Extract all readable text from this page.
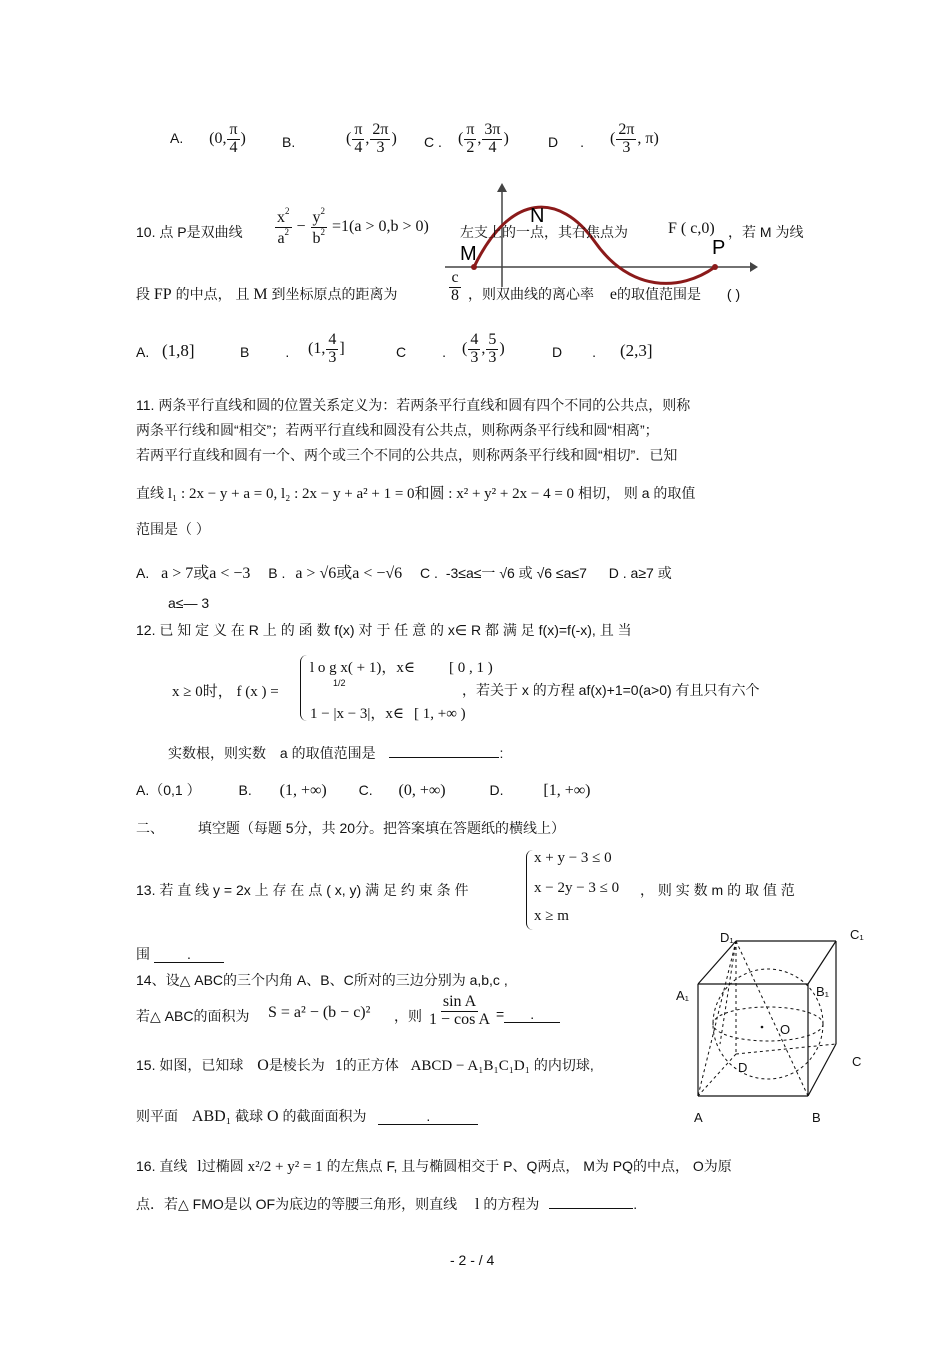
A. (0, $\frac{\pi}{4}$ )	B.	( $\frac{\pi}{4}$ , $\frac{2\pi}{3}$ ) C . ( $\frac{\pi}{2}$ , $\frac{3\pi}{4}$ )	D . ( $\frac{2\pi}{3}$ , π)
N
M	P
10. 点 P是双曲线 $\frac{x^2}{a^2} - \frac{y^2}{b^2} =1(a > 0,b > 0)$ 左支上的一点，其右焦点为	F ( c,0) ，若 M 为线
段 FP 的中点， 且 M 到坐标原点的距离为	$\frac{c}{8}$ ，则双曲线的离心率 e的取值范围是 ( )
A. (1,8]	B	. (1, $\frac{4}{3}$ ]	C	. ( $\frac{4}{3}$ , $\frac{5}{3}$ )	D . (2,3]
11. 两条平行直线和圆的位置关系定义为：若两条平行直线和圆有四个不同的公共点，则称
两条平行线和圆“相交”；若两平行直线和圆没有公共点，则称两条平行线和圆“相离”；
若两平行直线和圆有一个、两个或三个不同的公共点，则称两条平行线和圆“相切”．已知
直线 l₁ : 2x − y + a = 0, l₂ : 2x − y + a² + 1 = 0和圆 : x² + y² + 2x − 4 = 0 相切， 则 a 的取值
范围是（ ）
A. a > 7或a < −3 B . a > √6或a < −√6 C . -3≤a≤一 √6 或 √6 ≤a≤7 D . a≥7 或
a≤— 3
12. 已 知 定 义 在 R 上 的 函 数 f(x) 对 于 任 意 的 x∈ R 都 满 足 f(x)=f(-x), 且 当
x ≥ 0时， f (x ) =
l o g x( + 1)，x∈ [ 0 , 1 )
1/2
1 − |x − 3|，x∈ [ 1, +∞ )
，若关于 x 的方程 af(x)+1=0(a>0) 有且只有六个
实数根，则实数 a 的取值范围是	:
A.（0,1 ）	B. (1, +∞) C. (0, +∞)	D. [1, +∞)
二、 填空题（每题 5分，共 20分。把答案填在答题纸的横线上）
13. 若 直 线 y = 2x 上 存 在 点 ( x, y) 满 足 约 束 条 件
x + y − 3 ≤ 0
x − 2y − 3 ≤ 0
x ≥ m
， 则 实 数 m 的 取 值 范
围	.
D₁	C₁
A₁	B₁
O
D	C
A	B
14、设△ ABC的三个内角 A、B、C所对的三边分别为 a,b,c ,
若△ ABC的面积为 S = a² − (b − c)² ，则 $\frac{\text{sin A}}{\text{1 − cos A}}$ = .
15. 如图，已知球 O是棱长为 1的正方体 ABCD − A₁B₁C₁D₁ 的内切球,
则平面 ABD₁ 截球 O 的截面面积为	.
16. 直线 l过椭圆 x²/2 + y² = 1 的左焦点 F, 且与椭圆相交于 P、Q两点， M为 PQ的中点， O为原
点．若△ FMO是以 OF为底边的等腰三角形，则直线 l 的方程为	.
- 2 - / 4
